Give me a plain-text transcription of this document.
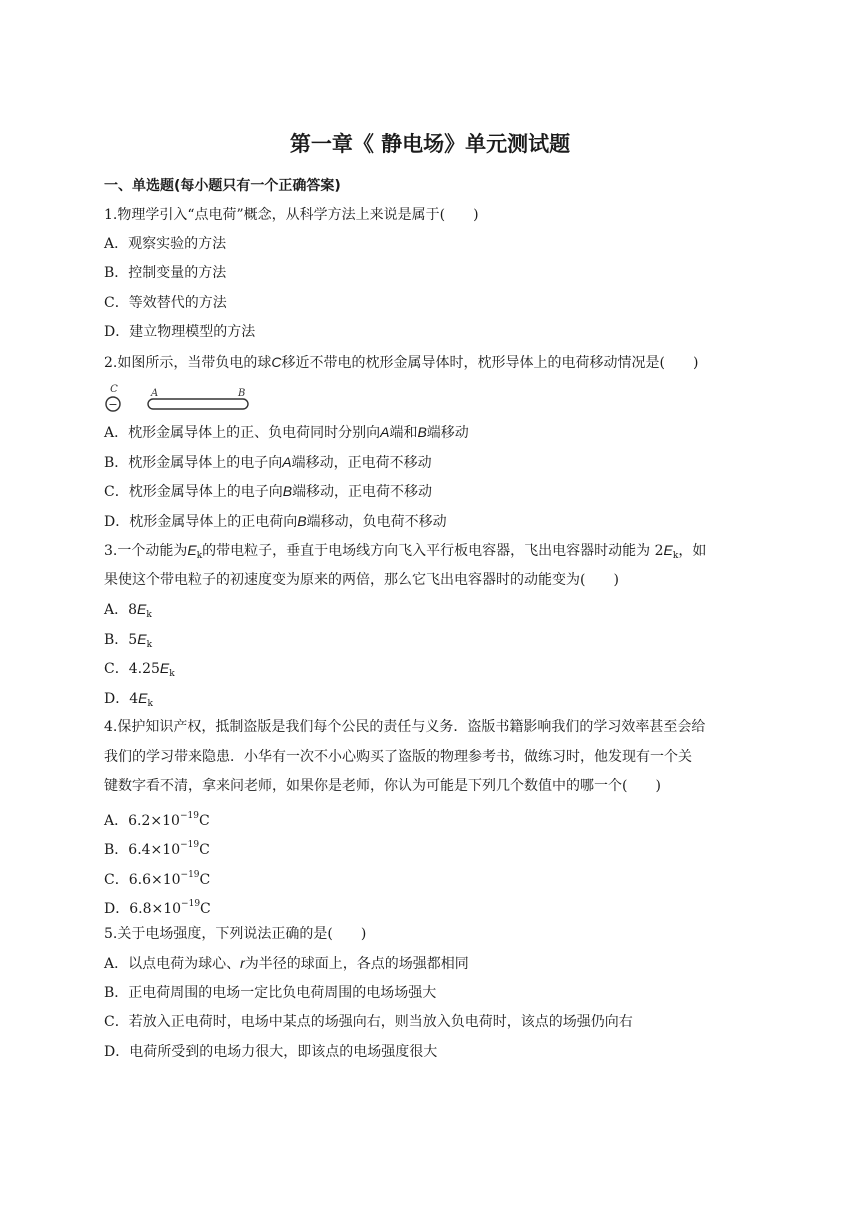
第一章《 静电场》单元测试题
一、单选题(每小题只有一个正确答案)
1.物理学引入“点电荷”概念，从科学方法上来说是属于(　　)
A．观察实验的方法
B．控制变量的方法
C．等效替代的方法
D．建立物理模型的方法
2.如图所示，当带负电的球C移近不带电的枕形金属导体时，枕形导体上的电荷移动情况是(　　)
−
C	A	B
A．枕形金属导体上的正、负电荷同时分别向A端和B端移动
B．枕形金属导体上的电子向A端移动，正电荷不移动
C．枕形金属导体上的电子向B端移动，正电荷不移动
D．枕形金属导体上的正电荷向B端移动，负电荷不移动
3.一个动能为$E_k$的带电粒子，垂直于电场线方向飞入平行板电容器，飞出电容器时动能为 $2E_k$，如
果使这个带电粒子的初速度变为原来的两倍，那么它飞出电容器时的动能变为(　　)
A．$8E_k$
B．$5E_k$
C．$4.25E_k$
D．$4E_k$
4.保护知识产权，抵制盗版是我们每个公民的责任与义务．盗版书籍影响我们的学习效率甚至会给
我们的学习带来隐患．小华有一次不小心购买了盗版的物理参考书，做练习时，他发现有一个关
键数字看不清，拿来问老师，如果你是老师，你认为可能是下列几个数值中的哪一个(　　)
A．$6.2\times 10^{-19}C$
B．$6.4\times 10^{-19}C$
C．$6.6\times 10^{-19}C$
D．$6.8\times 10^{-19}C$
5.关于电场强度，下列说法正确的是(　　)
A．以点电荷为球心、r为半径的球面上，各点的场强都相同
B．正电荷周围的电场一定比负电荷周围的电场场强大
C．若放入正电荷时，电场中某点的场强向右，则当放入负电荷时，该点的场强仍向右
D．电荷所受到的电场力很大，即该点的电场强度很大
